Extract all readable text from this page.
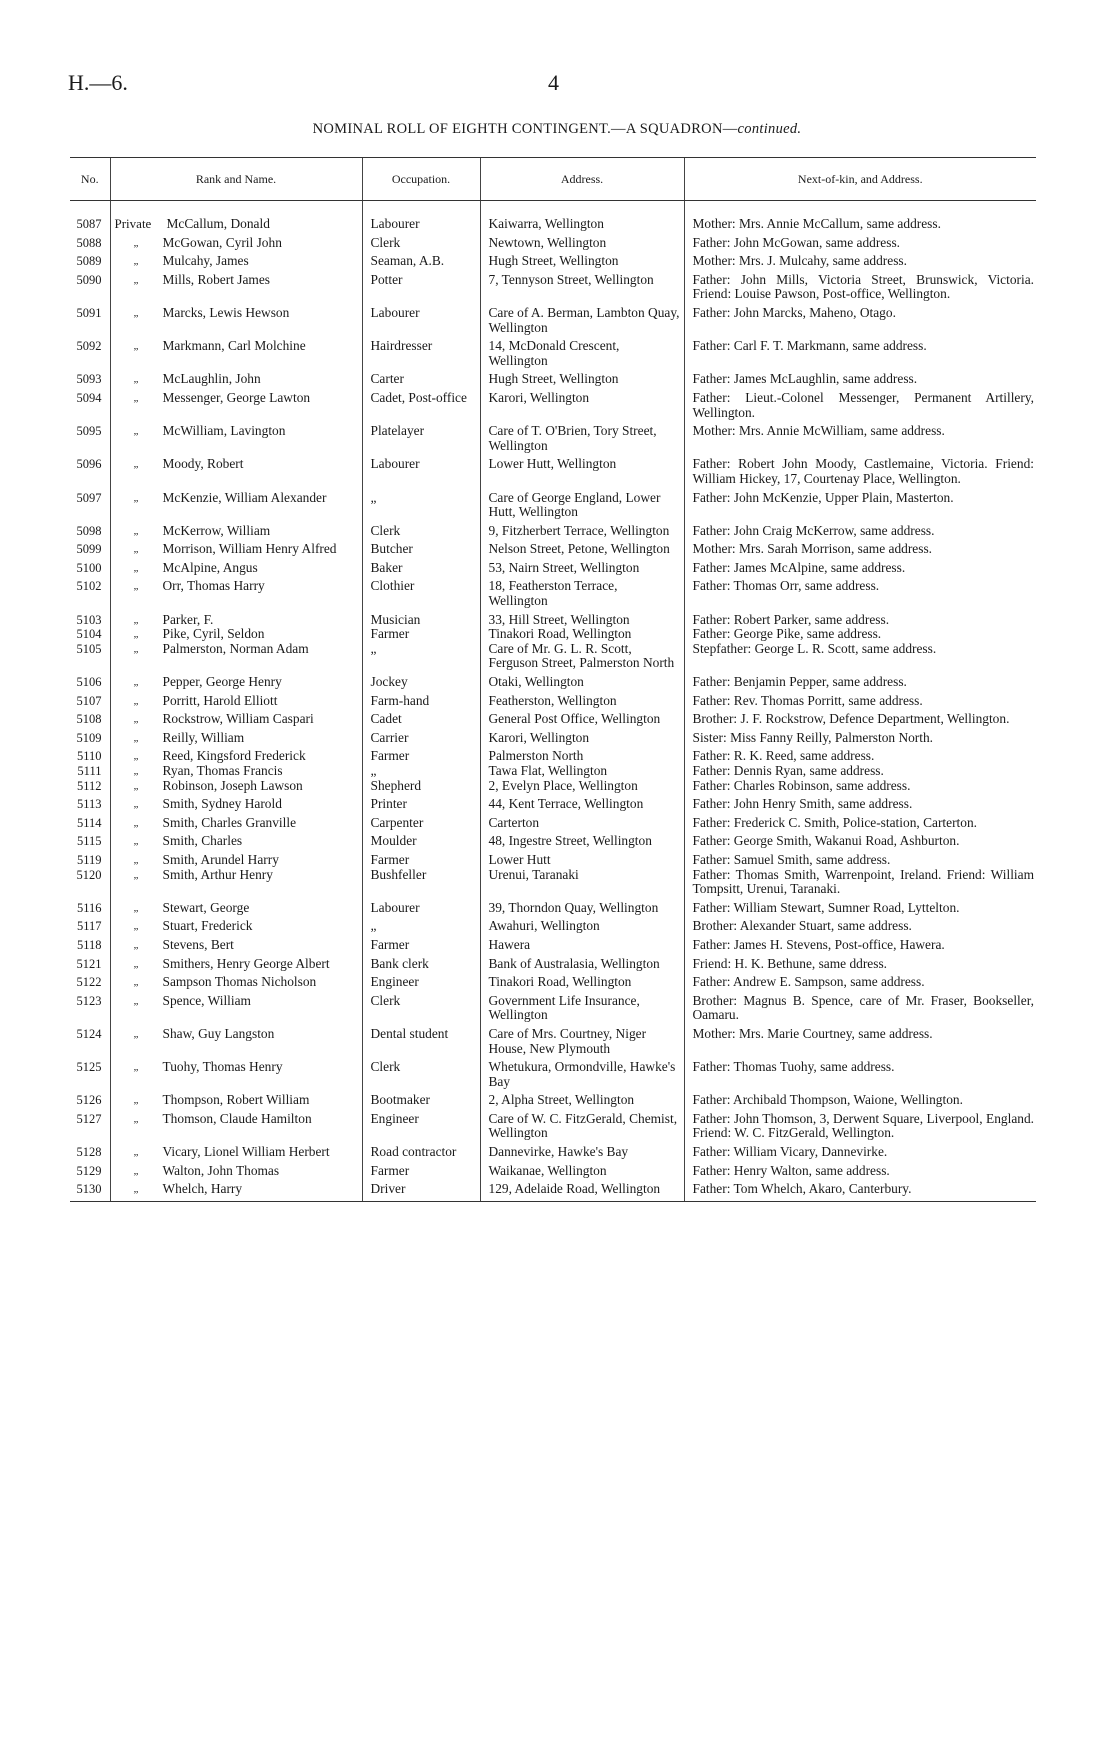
H.—6.	4
NOMINAL ROLL OF EIGHTH CONTINGENT.—A SQUADRON—continued.
No.	Rank and Name.	Occupation.	Address.	Next-of-kin, and Address.
5087	Private McCallum, Donald	Labourer	Kaiwarra, Wellington	Mother: Mrs. Annie McCallum, same address.
5088	„ McGowan, Cyril John	Clerk	Newtown, Wellington	Father: John McGowan, same address.
5089	„ Mulcahy, James	Seaman, A.B.	Hugh Street, Wellington	Mother: Mrs. J. Mulcahy, same address.
5090	„ Mills, Robert James	Potter	7, Tennyson Street, Wellington	Father: John Mills, Victoria Street, Brunswick, Victoria. Friend: Louise Pawson, Post-office, Wellington.
5091	„ Marcks, Lewis Hewson	Labourer	Care of A. Berman, Lambton Quay, Wellington	Father: John Marcks, Maheno, Otago.
5092	„ Markmann, Carl Molchine	Hairdresser	14, McDonald Crescent, Wellington	Father: Carl F. T. Markmann, same address.
5093	„ McLaughlin, John	Carter	Hugh Street, Wellington	Father: James McLaughlin, same address.
5094	„ Messenger, George Lawton	Cadet, Post-office	Karori, Wellington	Father: Lieut.-Colonel Messenger, Permanent Artillery, Wellington.
5095	„ McWilliam, Lavington	Platelayer	Care of T. O'Brien, Tory Street, Wellington	Mother: Mrs. Annie McWilliam, same address.
5096	„ Moody, Robert	Labourer	Lower Hutt, Wellington	Father: Robert John Moody, Castlemaine, Victoria. Friend: William Hickey, 17, Courtenay Place, Wellington.
5097	„ McKenzie, William Alexander	„	Care of George England, Lower Hutt, Wellington	Father: John McKenzie, Upper Plain, Masterton.
5098	„ McKerrow, William	Clerk	9, Fitzherbert Terrace, Wellington	Father: John Craig McKerrow, same address.
5099	„ Morrison, William Henry Alfred	Butcher	Nelson Street, Petone, Wellington	Mother: Mrs. Sarah Morrison, same address.
5100	„ McAlpine, Angus	Baker	53, Nairn Street, Wellington	Father: James McAlpine, same address.
5102	„ Orr, Thomas Harry	Clothier	18, Featherston Terrace, Wellington	Father: Thomas Orr, same address.
5103	„ Parker, F.	Musician	33, Hill Street, Wellington	Father: Robert Parker, same address.
5104	„ Pike, Cyril, Seldon	Farmer	Tinakori Road, Wellington	Father: George Pike, same address.
5105	„ Palmerston, Norman Adam	„	Care of Mr. G. L. R. Scott, Ferguson Street, Palmerston North	Stepfather: George L. R. Scott, same address.
5106	„ Pepper, George Henry	Jockey	Otaki, Wellington	Father: Benjamin Pepper, same address.
5107	„ Porritt, Harold Elliott	Farm-hand	Featherston, Wellington	Father: Rev. Thomas Porritt, same address.
5108	„ Rockstrow, William Caspari	Cadet	General Post Office, Wellington	Brother: J. F. Rockstrow, Defence Department, Wellington.
5109	„ Reilly, William	Carrier	Karori, Wellington	Sister: Miss Fanny Reilly, Palmerston North.
5110	„ Reed, Kingsford Frederick	Farmer	Palmerston North	Father: R. K. Reed, same address.
5111	„ Ryan, Thomas Francis	„	Tawa Flat, Wellington	Father: Dennis Ryan, same address.
5112	„ Robinson, Joseph Lawson	Shepherd	2, Evelyn Place, Wellington	Father: Charles Robinson, same address.
5113	„ Smith, Sydney Harold	Printer	44, Kent Terrace, Wellington	Father: John Henry Smith, same address.
5114	„ Smith, Charles Granville	Carpenter	Carterton	Father: Frederick C. Smith, Police-station, Carterton.
5115	„ Smith, Charles	Moulder	48, Ingestre Street, Wellington	Father: George Smith, Wakanui Road, Ashburton.
5119	„ Smith, Arundel Harry	Farmer	Lower Hutt	Father: Samuel Smith, same address.
5120	„ Smith, Arthur Henry	Bushfeller	Urenui, Taranaki	Father: Thomas Smith, Warrenpoint, Ireland. Friend: William Tompsitt, Urenui, Taranaki.
5116	„ Stewart, George	Labourer	39, Thorndon Quay, Wellington	Father: William Stewart, Sumner Road, Lyttelton.
5117	„ Stuart, Frederick	„	Awahuri, Wellington	Brother: Alexander Stuart, same address.
5118	„ Stevens, Bert	Farmer	Hawera	Father: James H. Stevens, Post-office, Hawera.
5121	„ Smithers, Henry George Albert	Bank clerk	Bank of Australasia, Wellington	Friend: H. K. Bethune, same ddress.
5122	„ Sampson Thomas Nicholson	Engineer	Tinakori Road, Wellington	Father: Andrew E. Sampson, same address.
5123	„ Spence, William	Clerk	Government Life Insurance, Wellington	Brother: Magnus B. Spence, care of Mr. Fraser, Bookseller, Oamaru.
5124	„ Shaw, Guy Langston	Dental student	Care of Mrs. Courtney, Niger House, New Plymouth	Mother: Mrs. Marie Courtney, same address.
5125	„ Tuohy, Thomas Henry	Clerk	Whetukura, Ormondville, Hawke's Bay	Father: Thomas Tuohy, same address.
5126	„ Thompson, Robert William	Bootmaker	2, Alpha Street, Wellington	Father: Archibald Thompson, Waione, Wellington.
5127	„ Thomson, Claude Hamilton	Engineer	Care of W. C. FitzGerald, Chemist, Wellington	Father: John Thomson, 3, Derwent Square, Liverpool, England. Friend: W. C. FitzGerald, Wellington.
5128	„ Vicary, Lionel William Herbert	Road contractor	Dannevirke, Hawke's Bay	Father: William Vicary, Dannevirke.
5129	„ Walton, John Thomas	Farmer	Waikanae, Wellington	Father: Henry Walton, same address.
5130	„ Whelch, Harry	Driver	129, Adelaide Road, Wellington	Father: Tom Whelch, Akaro, Canterbury.
